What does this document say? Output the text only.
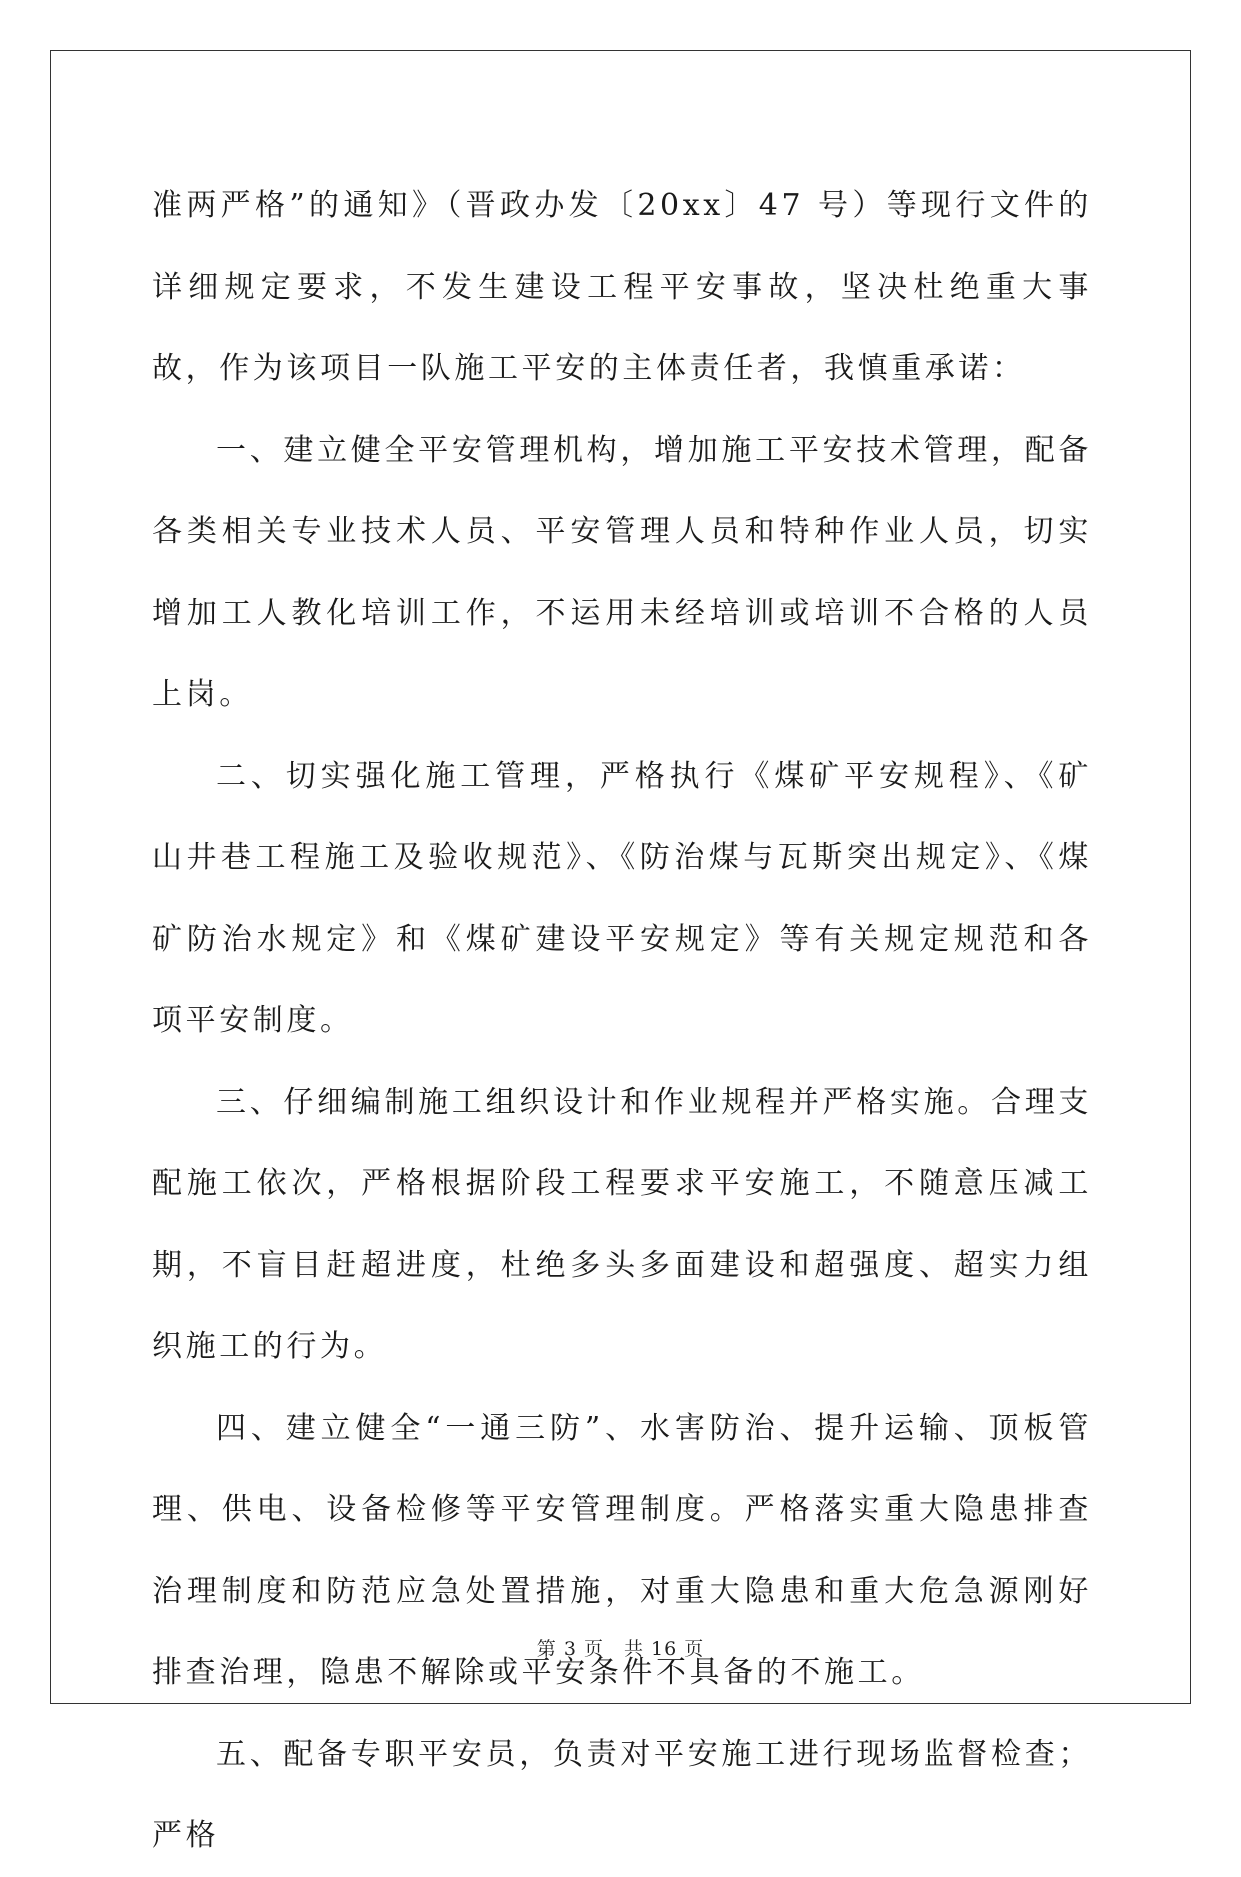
准两严格”的通知》（晋政办发〔20xx〕47 号）等现行文件的详细规定要求，不发生建设工程平安事故，坚决杜绝重大事故，作为该项目一队施工平安的主体责任者，我慎重承诺：

一、建立健全平安管理机构，增加施工平安技术管理，配备各类相关专业技术人员、平安管理人员和特种作业人员，切实增加工人教化培训工作，不运用未经培训或培训不合格的人员上岗。

二、切实强化施工管理，严格执行《煤矿平安规程》、《矿山井巷工程施工及验收规范》、《防治煤与瓦斯突出规定》、《煤矿防治水规定》和《煤矿建设平安规定》等有关规定规范和各项平安制度。

三、仔细编制施工组织设计和作业规程并严格实施。合理支配施工依次，严格根据阶段工程要求平安施工，不随意压减工期，不盲目赶超进度，杜绝多头多面建设和超强度、超实力组织施工的行为。

四、建立健全“一通三防”、水害防治、提升运输、顶板管理、供电、设备检修等平安管理制度。严格落实重大隐患排查治理制度和防范应急处置措施，对重大隐患和重大危急源刚好排查治理，隐患不解除或平安条件不具备的不施工。

五、配备专职平安员，负责对平安施工进行现场监督检查；严格

第 3 页　共 16 页
